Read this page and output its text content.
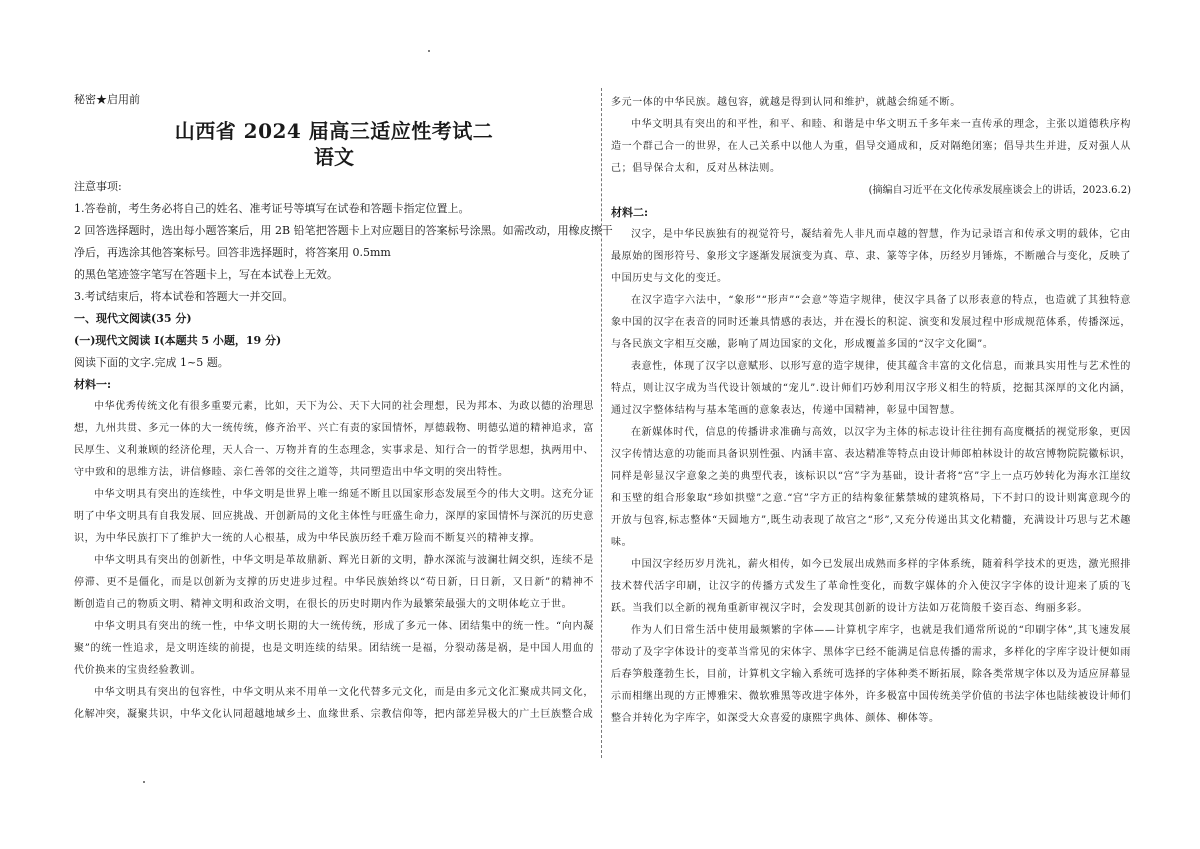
秘密★启用前

山西省 2024 届高三适应性考试二
语文

注意事项:

1.答卷前，考生务必将自己的姓名、准考证号等填写在试卷和答题卡指定位置上。

2 回答选择题时，选出每小题答案后，用 2B 铅笔把答题卡上对应题目的答案标号涂黑。如需改动，用橡皮擦干

净后，再选涂其他答案标号。回答非选择题时，将答案用 0.5mm

的黑色笔迹签字笔写在答题卡上，写在本试卷上无效。

3.考试结束后，将本试卷和答题大一并交回。

一、现代文阅读(35 分)

(一)现代文阅读 I(本题共 5 小题，19 分)

阅读下面的文字.完成 1~5 题。

材料一:

中华优秀传统文化有很多重要元素，比如，天下为公、天下大同的社会理想，民为邦本、为政以德的治理思想，九州共贯、多元一体的大一统传统，修齐治平、兴亡有责的家国情怀，厚德载物、明德弘道的精神追求，富民厚生、义利兼顾的经济伦理，天人合一、万物并育的生态理念，实事求是、知行合一的哲学思想，执两用中、守中致和的思维方法，讲信修睦、亲仁善邻的交往之道等，共同塑造出中华文明的突出特性。

中华文明具有突出的连续性，中华文明是世界上唯一绵延不断且以国家形态发展至今的伟大文明。这充分证明了中华文明具有自我发展、回应挑战、开创新局的文化主体性与旺盛生命力，深厚的家国情怀与深沉的历史意识，为中华民族打下了维护大一统的人心根基，成为中华民族历经千难万险而不断复兴的精神支撑。

中华文明具有突出的创新性，中华文明是革故鼎新、辉光日新的文明，静水深流与波澜壮阔交织，连续不是停滞、更不是僵化，而是以创新为支撑的历史进步过程。中华民族始终以“苟日新，日日新，又日新”的精神不断创造自己的物质文明、精神文明和政治文明，在很长的历史时期内作为最繁荣最强大的文明体屹立于世。

中华文明具有突出的统一性，中华文明长期的大一统传统，形成了多元一体、团结集中的统一性。“向内凝聚”的统一性追求，是文明连续的前提，也是文明连续的结果。团结统一是福，分裂动荡是祸，是中国人用血的代价换来的宝贵经验教训。

中华文明具有突出的包容性，中华文明从来不用单一文化代替多元文化，而是由多元文化汇聚成共同文化，化解冲突，凝聚共识，中华文化认同超越地域乡土、血缘世系、宗教信仰等，把内部差异极大的广土巨族整合成

多元一体的中华民族。越包容，就越是得到认同和维护，就越会绵延不断。

中华文明具有突出的和平性，和平、和睦、和谐是中华文明五千多年来一直传承的理念，主张以道德秩序构造一个群己合一的世界，在人己关系中以他人为重，倡导交通成和，反对隔绝闭塞；倡导共生并进，反对强人从己；倡导保合太和，反对丛林法则。

(摘编自习近平在文化传承发展座谈会上的讲话，2023.6.2)

材料二:

汉字，是中华民族独有的视觉符号，凝结着先人非凡而卓越的智慧，作为记录语言和传承文明的载体，它由最原始的图形符号、象形文字逐渐发展演变为真、草、隶、篆等字体，历经岁月锤炼，不断融合与变化，反映了中国历史与文化的变迁。

在汉字造字六法中，“象形”“形声”“会意”等造字规律，使汉字具备了以形表意的特点，也造就了其独特意象中国的汉字在表音的同时还兼具情感的表达，并在漫长的积淀、演变和发展过程中形成规范体系，传播深远，与各民族文字相互交融，影响了周边国家的文化，形成覆盖多国的“汉字文化圈”。

表意性，体现了汉字以意赋形、以形写意的造字规律，使其蕴含丰富的文化信息，而兼具实用性与艺术性的特点，则让汉字成为当代设计领域的“宠儿”.设计师们巧妙利用汉字形义相生的特质，挖掘其深厚的文化内涵，通过汉字整体结构与基本笔画的意象表达，传递中国精神，彰显中国智慧。

在新媒体时代，信息的传播讲求准确与高效，以汉字为主体的标志设计往往拥有高度概括的视觉形象，更因汉字传情达意的功能而具备识别性强、内涵丰富、表达精准等特点由设计师郎柏林设计的故宫博物院院徽标识，同样是彰显汉字意象之美的典型代表，该标识以“宫”字为基础，设计者将“宫”字上一点巧妙转化为海水江崖纹和玉壁的组合形象取“珍如拱璧”之意.“宫”字方正的结构象征紫禁城的建筑格局，下不封口的设计则寓意现今的开放与包容,标志整体“天圆地方”,既生动表现了故宫之“形”,又充分传递出其文化精髓，充满设计巧思与艺术趣味。

中国汉字经历岁月洗礼，薪火相传，如今已发展出成熟而多样的字体系统，随着科学技术的更迭，激光照排技术替代活字印刷，让汉字的传播方式发生了革命性变化，而数字媒体的介入使汉字字体的设计迎来了质的飞跃。当我们以全新的视角重新审视汉字时，会发现其创新的设计方法如万花筒般千姿百态、绚丽多彩。

作为人们日常生活中使用最频繁的字体——计算机字库字，也就是我们通常所说的“印刷字体”,其飞速发展带动了及字字体设计的变革当常见的宋体字、黑体字已经不能满足信息传播的需求，多样化的字库字设计便如雨后春笋般蓬勃生长，目前，计算机文字输入系统可选择的字体种类不断拓展，除各类常规字体以及为适应屏幕显示而相继出现的方正博雅宋、微软雅黑等改进字体外，许多极富中国传统美学价值的书法字体也陆续被设计师们整合并转化为字库字，如深受大众喜爱的康熙字典体、颜体、柳体等。
